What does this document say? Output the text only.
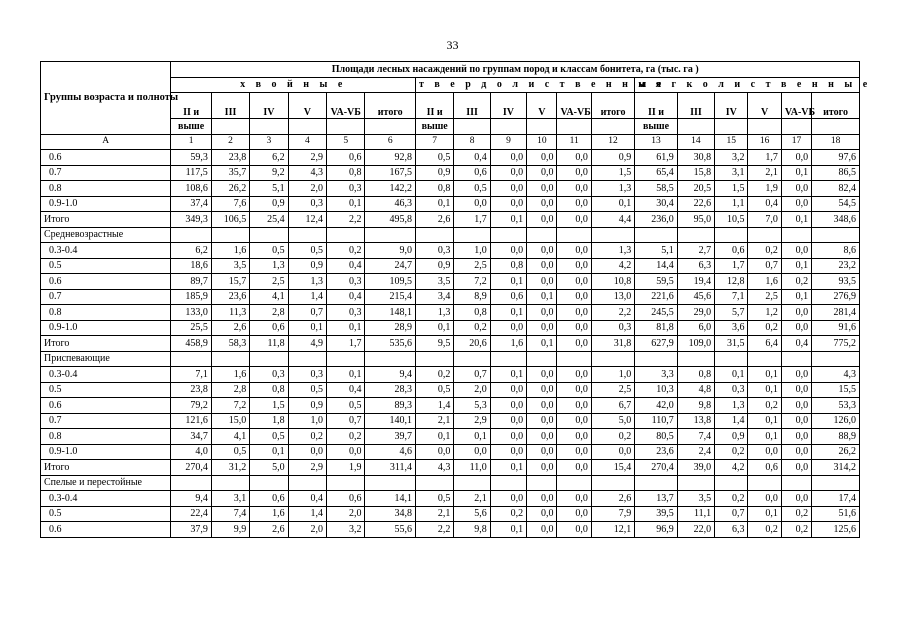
33
Группы возраста и полноты	Площади лесных насаждений по группам пород и классам бонитета, га (тыс. га )																	
	х в о й н ы е						т в е р д о л и с т в е н н ы е						м я г к о л и с т в е н н ы е					
	II и	III	IV	V	VA-VБ	итого	II и	III	IV	V	VA-VБ	итого	II и	III	IV	V	VA-VБ	итого
	выше						выше						выше					
А	1	2	3	4	5	6	7	8	9	10	11	12	13	14	15	16	17	18
0.6	59,3	23,8	6,2	2,9	0,6	92,8	0,5	0,4	0,0	0,0	0,0	0,9	61,9	30,8	3,2	1,7	0,0	97,6
0.7	117,5	35,7	9,2	4,3	0,8	167,5	0,9	0,6	0,0	0,0	0,0	1,5	65,4	15,8	3,1	2,1	0,1	86,5
0.8	108,6	26,2	5,1	2,0	0,3	142,2	0,8	0,5	0,0	0,0	0,0	1,3	58,5	20,5	1,5	1,9	0,0	82,4
0.9-1.0	37,4	7,6	0,9	0,3	0,1	46,3	0,1	0,0	0,0	0,0	0,0	0,1	30,4	22,6	1,1	0,4	0,0	54,5
Итого	349,3	106,5	25,4	12,4	2,2	495,8	2,6	1,7	0,1	0,0	0,0	4,4	236,0	95,0	10,5	7,0	0,1	348,6
Средневозрастные																		
0.3-0.4	6,2	1,6	0,5	0,5	0,2	9,0	0,3	1,0	0,0	0,0	0,0	1,3	5,1	2,7	0,6	0,2	0,0	8,6
0.5	18,6	3,5	1,3	0,9	0,4	24,7	0,9	2,5	0,8	0,0	0,0	4,2	14,4	6,3	1,7	0,7	0,1	23,2
0.6	89,7	15,7	2,5	1,3	0,3	109,5	3,5	7,2	0,1	0,0	0,0	10,8	59,5	19,4	12,8	1,6	0,2	93,5
0.7	185,9	23,6	4,1	1,4	0,4	215,4	3,4	8,9	0,6	0,1	0,0	13,0	221,6	45,6	7,1	2,5	0,1	276,9
0.8	133,0	11,3	2,8	0,7	0,3	148,1	1,3	0,8	0,1	0,0	0,0	2,2	245,5	29,0	5,7	1,2	0,0	281,4
0.9-1.0	25,5	2,6	0,6	0,1	0,1	28,9	0,1	0,2	0,0	0,0	0,0	0,3	81,8	6,0	3,6	0,2	0,0	91,6
Итого	458,9	58,3	11,8	4,9	1,7	535,6	9,5	20,6	1,6	0,1	0,0	31,8	627,9	109,0	31,5	6,4	0,4	775,2
Приспевающие																		
0.3-0.4	7,1	1,6	0,3	0,3	0,1	9,4	0,2	0,7	0,1	0,0	0,0	1,0	3,3	0,8	0,1	0,1	0,0	4,3
0.5	23,8	2,8	0,8	0,5	0,4	28,3	0,5	2,0	0,0	0,0	0,0	2,5	10,3	4,8	0,3	0,1	0,0	15,5
0.6	79,2	7,2	1,5	0,9	0,5	89,3	1,4	5,3	0,0	0,0	0,0	6,7	42,0	9,8	1,3	0,2	0,0	53,3
0.7	121,6	15,0	1,8	1,0	0,7	140,1	2,1	2,9	0,0	0,0	0,0	5,0	110,7	13,8	1,4	0,1	0,0	126,0
0.8	34,7	4,1	0,5	0,2	0,2	39,7	0,1	0,1	0,0	0,0	0,0	0,2	80,5	7,4	0,9	0,1	0,0	88,9
0.9-1.0	4,0	0,5	0,1	0,0	0,0	4,6	0,0	0,0	0,0	0,0	0,0	0,0	23,6	2,4	0,2	0,0	0,0	26,2
Итого	270,4	31,2	5,0	2,9	1,9	311,4	4,3	11,0	0,1	0,0	0,0	15,4	270,4	39,0	4,2	0,6	0,0	314,2
Спелые и перестойные																		
0.3-0.4	9,4	3,1	0,6	0,4	0,6	14,1	0,5	2,1	0,0	0,0	0,0	2,6	13,7	3,5	0,2	0,0	0,0	17,4
0.5	22,4	7,4	1,6	1,4	2,0	34,8	2,1	5,6	0,2	0,0	0,0	7,9	39,5	11,1	0,7	0,1	0,2	51,6
0.6	37,9	9,9	2,6	2,0	3,2	55,6	2,2	9,8	0,1	0,0	0,0	12,1	96,9	22,0	6,3	0,2	0,2	125,6
